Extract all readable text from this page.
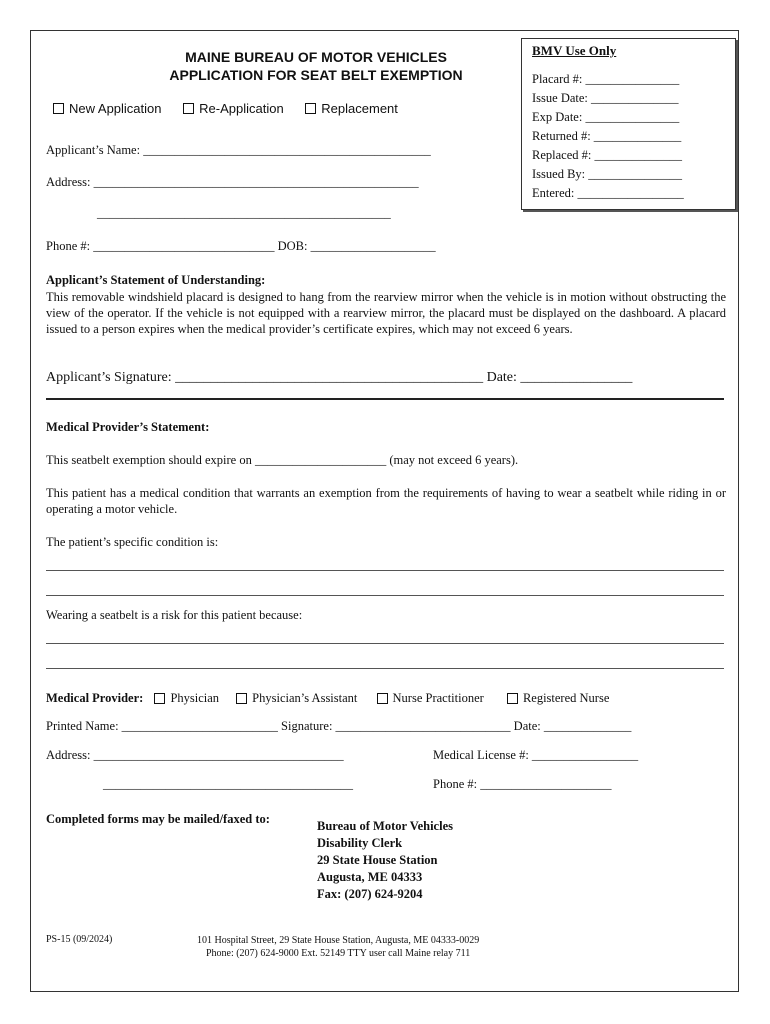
MAINE BUREAU OF MOTOR VEHICLES
APPLICATION FOR SEAT BELT EXEMPTION
New Application	Re-Application	Replacement
Applicant’s Name: ______________________________________________
Address: ____________________________________________________
_______________________________________________
Phone #: _____________________________ DOB: ____________________
BMV Use Only
Placard #: _______________
Issue Date: ______________
Exp Date: _______________
Returned #: ______________
Replaced #: ______________
Issued By: _______________
Entered: _________________
Applicant’s Statement of Understanding:
This removable windshield placard is designed to hang from the rearview mirror when the vehicle is in motion without obstructing the view of the operator. If the vehicle is not equipped with a rearview mirror, the placard must be displayed on the dashboard. A placard issued to a person expires when the medical provider’s certificate expires, which may not exceed 6 years.
Applicant’s Signature: ____________________________________________ Date: ________________
Medical Provider’s Statement:
This seatbelt exemption should expire on _____________________ (may not exceed 6 years).
This patient has a medical condition that warrants an exemption from the requirements of having to wear a seatbelt while riding in or operating a motor vehicle.
The patient’s specific condition is:
Wearing a seatbelt is a risk for this patient because:
Medical Provider: Physician	Physician’s Assistant	Nurse Practitioner	Registered Nurse
Printed Name: _________________________ Signature: ____________________________ Date: ______________
Address: ________________________________________
________________________________________
Medical License #: _________________
Phone #: _____________________
Completed forms may be mailed/faxed to:	Bureau of Motor Vehicles
Disability Clerk
29 State House Station
Augusta, ME 04333
Fax: (207) 624-9204
PS-15 (09/2024)	101 Hospital Street, 29 State House Station, Augusta, ME 04333-0029
Phone: (207) 624-9000 Ext. 52149 TTY user call Maine relay 711
